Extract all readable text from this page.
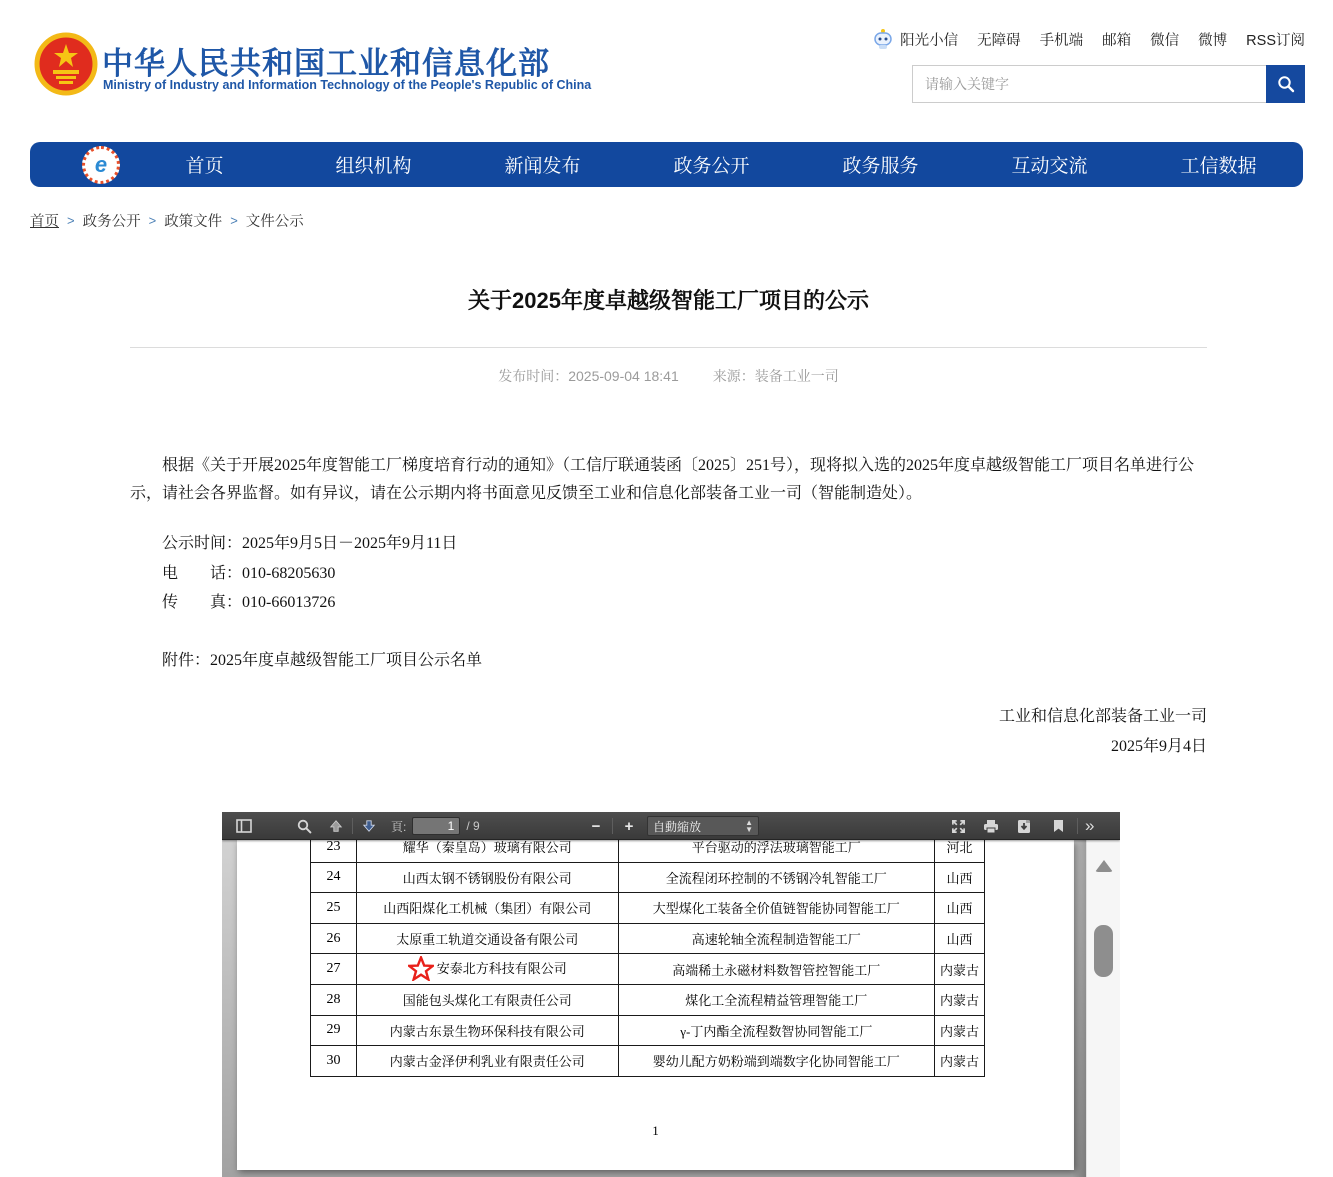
中华人民共和国工业和信息化部
Ministry of Industry and Information Technology of the People's Republic of China
阳光小信 无障碍 手机端 邮箱 微信 微博 RSS订阅
请输入关键字
e	首页	组织机构	新闻发布	政务公开	政务服务	互动交流	工信数据
首页 > 政务公开 > 政策文件 > 文件公示
关于2025年度卓越级智能工厂项目的公示
发布时间：2025-09-04 18:41 来源：装备工业一司

根据《关于开展2025年度智能工厂梯度培育行动的通知》（工信厅联通装函〔2025〕251号），现将拟入选的2025年度卓越级智能工厂项目名单进行公示，请社会各界监督。如有异议，请在公示期内将书面意见反馈至工业和信息化部装备工业一司（智能制造处）。

公示时间：2025年9月5日－2025年9月11日

电　　话：010-68205630

传　　真：010-66013726

附件：2025年度卓越级智能工厂项目公示名单

工业和信息化部装备工业一司
2025年9月4日
頁:
1	/ 9	− +	自動縮放	▲
▼	»
23	耀华（秦皇岛）玻璃有限公司	平台驱动的浮法玻璃智能工厂	河北
24	山西太钢不锈钢股份有限公司	全流程闭环控制的不锈钢冷轧智能工厂	山西
25	山西阳煤化工机械（集团）有限公司	大型煤化工装备全价值链智能协同智能工厂	山西
26	太原重工轨道交通设备有限公司	高速轮轴全流程制造智能工厂	山西
27	安泰北方科技有限公司	高端稀土永磁材料数智管控智能工厂	内蒙古
28	国能包头煤化工有限责任公司	煤化工全流程精益管理智能工厂	内蒙古
29	内蒙古东景生物环保科技有限公司	γ-丁内酯全流程数智协同智能工厂	内蒙古
30	内蒙古金泽伊利乳业有限责任公司	婴幼儿配方奶粉端到端数字化协同智能工厂	内蒙古
1
